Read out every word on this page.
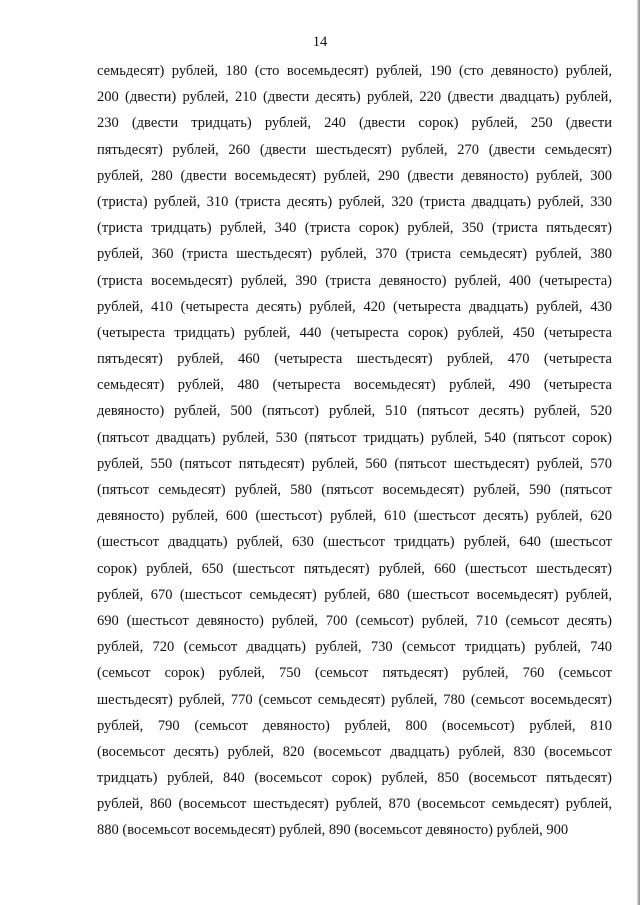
14
семьдесят) рублей, 180 (сто восемьдесят) рублей, 190 (сто девяносто) рублей,
200 (двести) рублей, 210 (двести десять) рублей, 220 (двести двадцать) рублей,
230 (двести тридцать) рублей, 240 (двести сорок) рублей, 250 (двести
пятьдесят) рублей, 260 (двести шестьдесят) рублей, 270 (двести семьдесят)
рублей, 280 (двести восемьдесят) рублей, 290 (двести девяносто) рублей, 300
(триста) рублей, 310 (триста десять) рублей, 320 (триста двадцать) рублей, 330
(триста тридцать) рублей, 340 (триста сорок) рублей, 350 (триста пятьдесят)
рублей, 360 (триста шестьдесят) рублей, 370 (триста семьдесят) рублей, 380
(триста восемьдесят) рублей, 390 (триста девяносто) рублей, 400 (четыреста)
рублей, 410 (четыреста десять) рублей, 420 (четыреста двадцать) рублей, 430
(четыреста тридцать) рублей, 440 (четыреста сорок) рублей, 450 (четыреста
пятьдесят) рублей, 460 (четыреста шестьдесят) рублей, 470 (четыреста
семьдесят) рублей, 480 (четыреста восемьдесят) рублей, 490 (четыреста
девяносто) рублей, 500 (пятьсот) рублей, 510 (пятьсот десять) рублей, 520
(пятьсот двадцать) рублей, 530 (пятьсот тридцать) рублей, 540 (пятьсот сорок)
рублей, 550 (пятьсот пятьдесят) рублей, 560 (пятьсот шестьдесят) рублей, 570
(пятьсот семьдесят) рублей, 580 (пятьсот восемьдесят) рублей, 590 (пятьсот
девяносто) рублей, 600 (шестьсот) рублей, 610 (шестьсот десять) рублей, 620
(шестьсот двадцать) рублей, 630 (шестьсот тридцать) рублей, 640 (шестьсот
сорок) рублей, 650 (шестьсот пятьдесят) рублей, 660 (шестьсот шестьдесят)
рублей, 670 (шестьсот семьдесят) рублей, 680 (шестьсот восемьдесят) рублей,
690 (шестьсот девяносто) рублей, 700 (семьсот) рублей, 710 (семьсот десять)
рублей, 720 (семьсот двадцать) рублей, 730 (семьсот тридцать) рублей, 740
(семьсот сорок) рублей, 750 (семьсот пятьдесят) рублей, 760 (семьсот
шестьдесят) рублей, 770 (семьсот семьдесят) рублей, 780 (семьсот восемьдесят)
рублей, 790 (семьсот девяносто) рублей, 800 (восемьсот) рублей, 810
(восемьсот десять) рублей, 820 (восемьсот двадцать) рублей, 830 (восемьсот
тридцать) рублей, 840 (восемьсот сорок) рублей, 850 (восемьсот пятьдесят)
рублей, 860 (восемьсот шестьдесят) рублей, 870 (восемьсот семьдесят) рублей,
880 (восемьсот восемьдесят) рублей, 890 (восемьсот девяносто) рублей, 900
